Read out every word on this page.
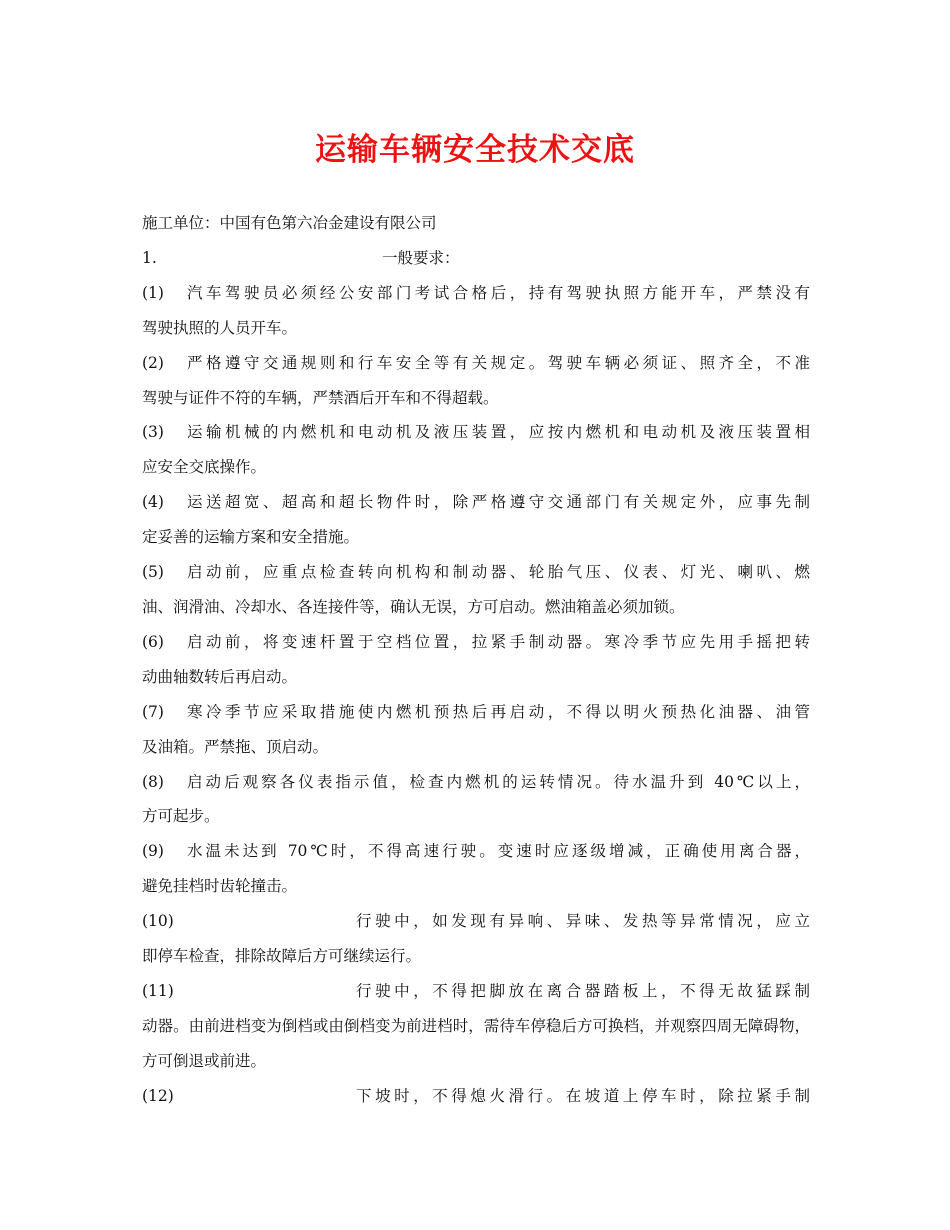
运输车辆安全技术交底

施工单位：中国有色第六冶金建设有限公司

1.	一般要求：
(1)	汽车驾驶员必须经公安部门考试合格后，持有驾驶执照方能开车，严禁没有
驾驶执照的人员开车。
(2)	严格遵守交通规则和行车安全等有关规定。驾驶车辆必须证、照齐全，不准
驾驶与证件不符的车辆，严禁酒后开车和不得超载。
(3)	运输机械的内燃机和电动机及液压装置，应按内燃机和电动机及液压装置相
应安全交底操作。
(4)	运送超宽、超高和超长物件时，除严格遵守交通部门有关规定外，应事先制
定妥善的运输方案和安全措施。
(5)	启动前，应重点检查转向机构和制动器、轮胎气压、仪表、灯光、喇叭、燃
油、润滑油、冷却水、各连接件等，确认无误，方可启动。燃油箱盖必须加锁。
(6)	启动前，将变速杆置于空档位置，拉紧手制动器。寒冷季节应先用手摇把转
动曲轴数转后再启动。
(7)	寒冷季节应采取措施使内燃机预热后再启动，不得以明火预热化油器、油管
及油箱。严禁拖、顶启动。
(8)	启动后观察各仪表指示值，检查内燃机的运转情况。待水温升到 40℃以上，
方可起步。
(9)	水温未达到 70℃时，不得高速行驶。变速时应逐级增减，正确使用离合器，
避免挂档时齿轮撞击。
(10)	行驶中，如发现有异响、异味、发热等异常情况，应立
即停车检查，排除故障后方可继续运行。
(11)	行驶中，不得把脚放在离合器踏板上，不得无故猛踩制
动器。由前进档变为倒档或由倒档变为前进档时，需待车停稳后方可换档，并观察四周无障碍物，方可倒退或前进。
(12)	下坡时，不得熄火滑行。在坡道上停车时，除拉紧手制
